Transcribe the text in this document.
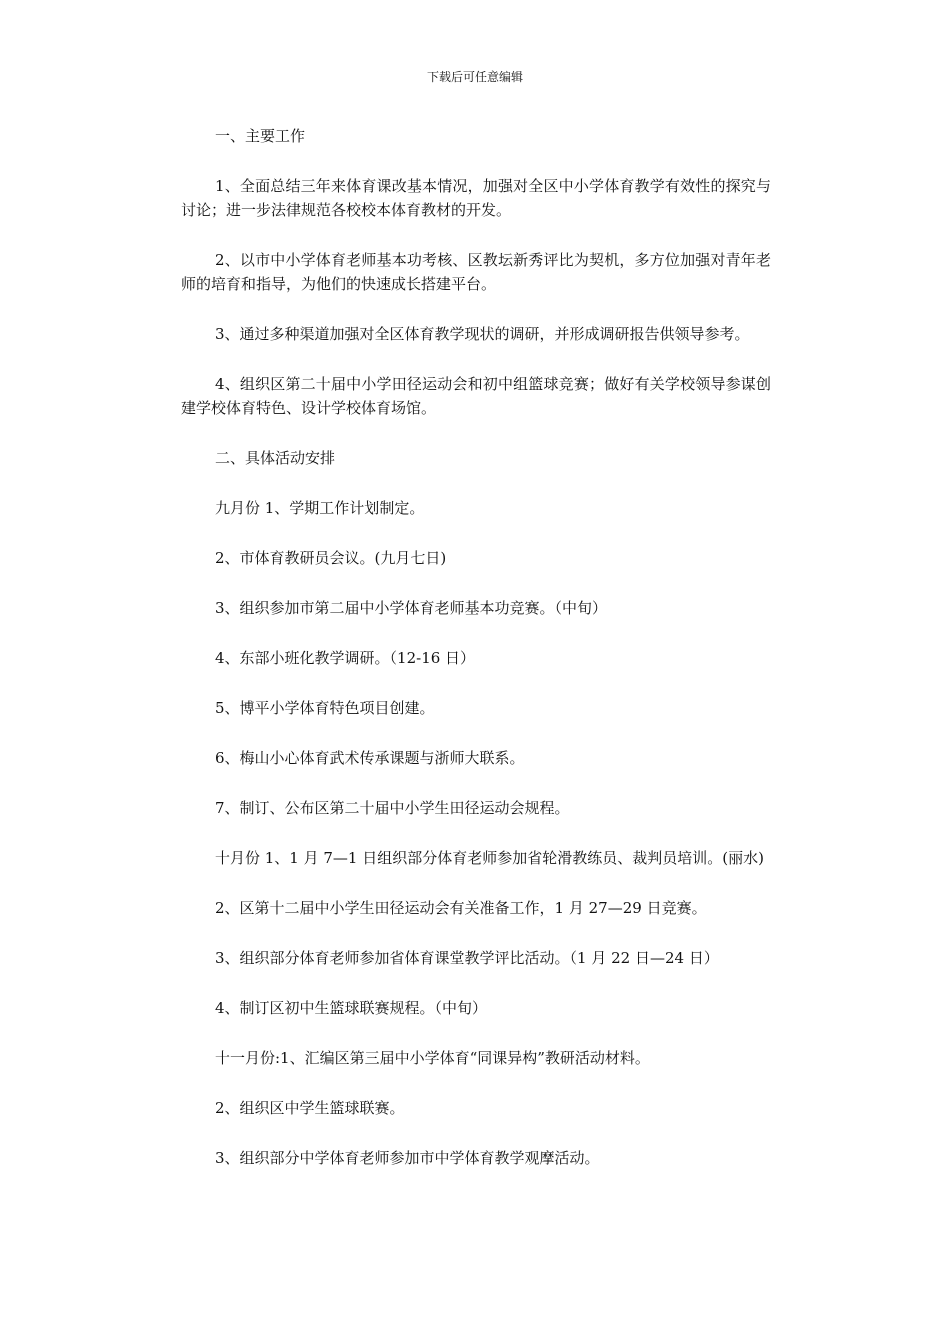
下载后可任意编辑

一、主要工作

1、全面总结三年来体育课改基本情况，加强对全区中小学体育教学有效性的探究与讨论；进一步法律规范各校校本体育教材的开发。

2、以市中小学体育老师基本功考核、区教坛新秀评比为契机，多方位加强对青年老师的培育和指导，为他们的快速成长搭建平台。

3、通过多种渠道加强对全区体育教学现状的调研，并形成调研报告供领导参考。

4、组织区第二十届中小学田径运动会和初中组篮球竞赛；做好有关学校领导参谋创建学校体育特色、设计学校体育场馆。

二、具体活动安排

九月份 1、学期工作计划制定。

2、市体育教研员会议。(九月七日)

3、组织参加市第二届中小学体育老师基本功竞赛。（中旬）

4、东部小班化教学调研。（12-16 日）

5、博平小学体育特色项目创建。

6、梅山小心体育武术传承课题与浙师大联系。

7、制订、公布区第二十届中小学生田径运动会规程。

十月份 1、1 月 7—1 日组织部分体育老师参加省轮滑教练员、裁判员培训。(丽水)

2、区第十二届中小学生田径运动会有关准备工作，1 月 27—29 日竞赛。

3、组织部分体育老师参加省体育课堂教学评比活动。（1 月 22 日—24 日）

4、制订区初中生篮球联赛规程。（中旬）

十一月份:1、汇编区第三届中小学体育“同课异构”教研活动材料。

2、组织区中学生篮球联赛。

3、组织部分中学体育老师参加市中学体育教学观摩活动。
